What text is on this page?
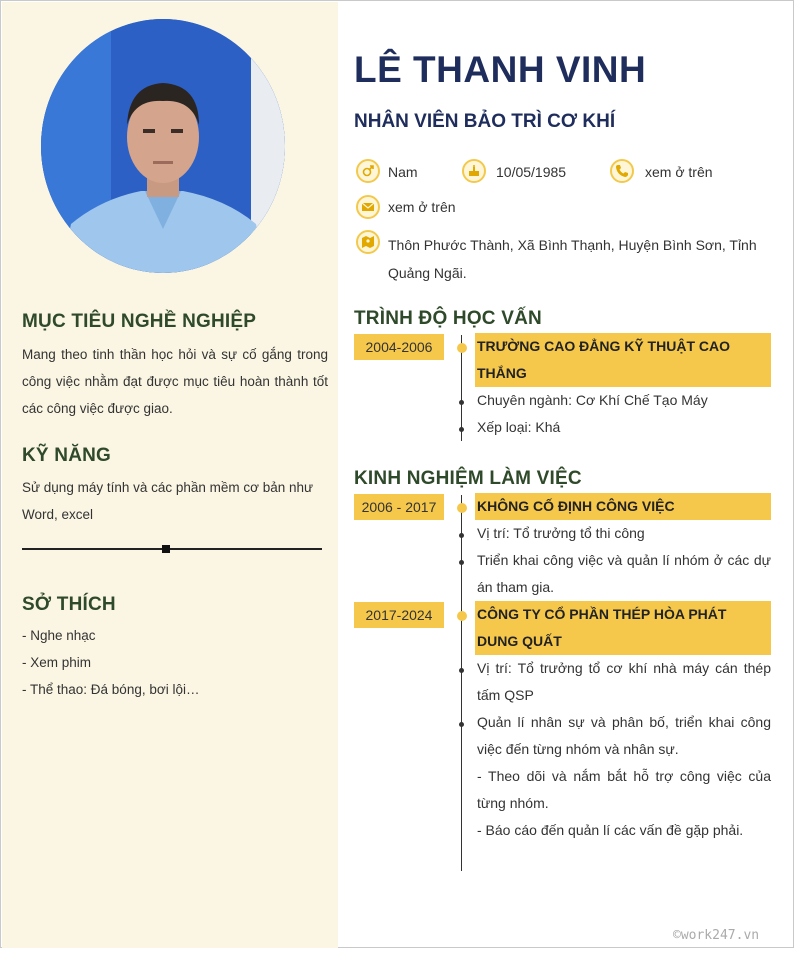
MỤC TIÊU NGHỀ NGHIỆP

Mang theo tinh thần học hỏi và sự cố gắng trong công việc nhằm đạt được mục tiêu hoàn thành tốt các công việc được giao.

KỸ NĂNG

Sử dụng máy tính và các phần mềm cơ bản như Word, excel

SỞ THÍCH
- Nghe nhạc
- Xem phim
- Thể thao: Đá bóng, bơi lội…
LÊ THANH VINH
NHÂN VIÊN BẢO TRÌ CƠ KHÍ
Nam	10/05/1985	xem ở trên
xem ở trên
Thôn Phước Thành, Xã Bình Thạnh, Huyện Bình Sơn, Tỉnh Quảng Ngãi.
TRÌNH ĐỘ HỌC VẤN
2004-2006	TRƯỜNG CAO ĐẲNG KỸ THUẬT CAO THẮNG
Chuyên ngành: Cơ Khí Chế Tạo Máy
Xếp loại: Khá
KINH NGHIỆM LÀM VIỆC
2006 - 2017	KHÔNG CỐ ĐỊNH CÔNG VIỆC
Vị trí: Tổ trưởng tổ thi công
Triển khai công việc và quản lí nhóm ở các dự án tham gia.
2017-2024	CÔNG TY CỔ PHẦN THÉP HÒA PHÁT DUNG QUẤT
Vị trí: Tổ trưởng tổ cơ khí nhà máy cán thép tấm QSP
Quản lí nhân sự và phân bố, triển khai công việc đến từng nhóm và nhân sự.
- Theo dõi và nắm bắt hỗ trợ công việc của từng nhóm.
- Báo cáo đến quản lí các vấn đề gặp phải.
©work247.vn
